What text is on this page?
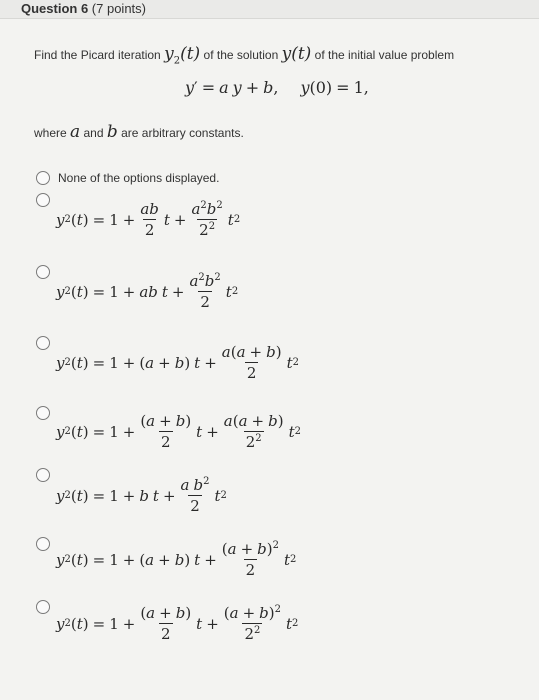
Question 6 (7 points)
Find the Picard iteration $y_2(t)$ of the solution y(t) of the initial value problem
y ′ = a y + b , y (0) = 1,
where a and b are arbitrary constants.
None of the options displayed.
y 2 ( t ) = $1 + \frac{ab}{2}$ $t + \frac{a^2b^2}{2^2}$ t 2
y 2 ( t ) = 1 + ab $t + \frac{a^2b^2}{2}$ t 2
y 2 ( t ) = 1 + ( a + b ) $t + \frac{a(a + b)}{2}$ t 2
y 2 ( t ) = $1 + \frac{(a + b)}{2}$ $t + \frac{a(a + b)}{2^2}$ t 2
y 2 ( t ) = 1 + b $t + \frac{a b^2}{2}$ t 2
y 2 ( t ) = 1 + ( a + b ) $t + \frac{(a + b)^2}{2}$ t 2
y 2 ( t ) = $1 + \frac{(a + b)}{2}$ $t + \frac{(a + b)^2}{2^2}$ t 2
